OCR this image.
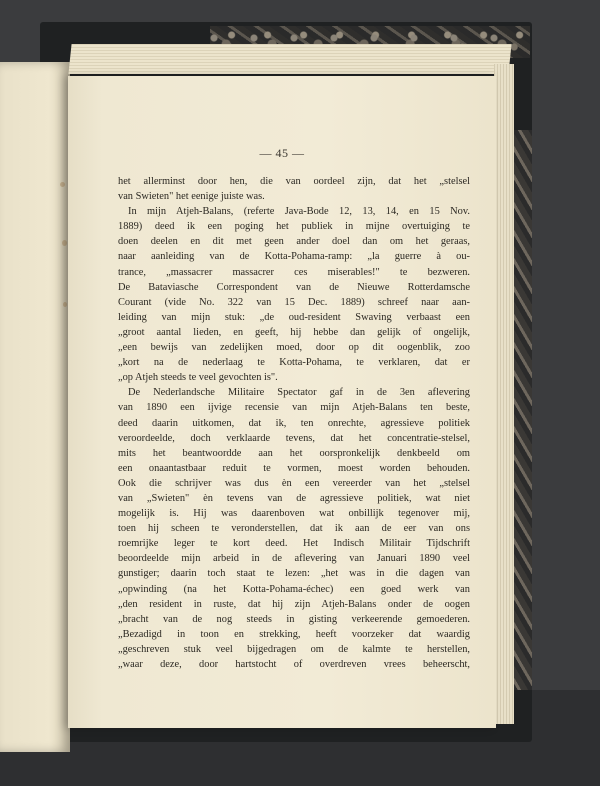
— 45 —
het allerminst door hen, die van oordeel zijn, dat het „stelsel
van Swieten" het eenige juiste was.
In mijn Atjeh-Balans, (referte Java-Bode 12, 13, 14, en 15 Nov.
1889) deed ik een poging het publiek in mijne overtuiging te
doen deelen en dit met geen ander doel dan om het geraas,
naar aanleiding van de Kotta-Pohama-ramp: „la guerre à ou-
trance, „massacrer massacrer ces miserables!" te bezweren.
De Bataviasche Correspondent van de Nieuwe Rotterdamsche
Courant (vide No. 322 van 15 Dec. 1889) schreef naar aan-
leiding van mijn stuk: „de oud-resident Swaving verbaast een
„groot aantal lieden, en geeft, hij hebbe dan gelijk of ongelijk,
„een bewijs van zedelijken moed, door op dit oogenblik, zoo
„kort na de nederlaag te Kotta-Pohama, te verklaren, dat er
„op Atjeh steeds te veel gevochten is".
De Nederlandsche Militaire Spectator gaf in de 3en aflevering
van 1890 een ijvige recensie van mijn Atjeh-Balans ten beste,
deed daarin uitkomen, dat ik, ten onrechte, agressieve politiek
veroordeelde, doch verklaarde tevens, dat het concentratie-stelsel,
mits het beantwoordde aan het oorspronkelijk denkbeeld om
een onaantastbaar reduit te vormen, moest worden behouden.
Ook die schrijver was dus èn een vereerder van het „stelsel
van „Swieten" èn tevens van de agressieve politiek, wat niet
mogelijk is. Hij was daarenboven wat onbillijk tegenover mij,
toen hij scheen te veronderstellen, dat ik aan de eer van ons
roemrijke leger te kort deed. Het Indisch Militair Tijdschrift
beoordeelde mijn arbeid in de aflevering van Januari 1890 veel
gunstiger; daarin toch staat te lezen: „het was in die dagen van
„opwinding (na het Kotta-Pohama-échec) een goed werk van
„den resident in ruste, dat hij zijn Atjeh-Balans onder de oogen
„bracht van de nog steeds in gisting verkeerende gemoederen.
„Bezadigd in toon en strekking, heeft voorzeker dat waardig
„geschreven stuk veel bijgedragen om de kalmte te herstellen,
„waar deze, door hartstocht of overdreven vrees beheerscht,
